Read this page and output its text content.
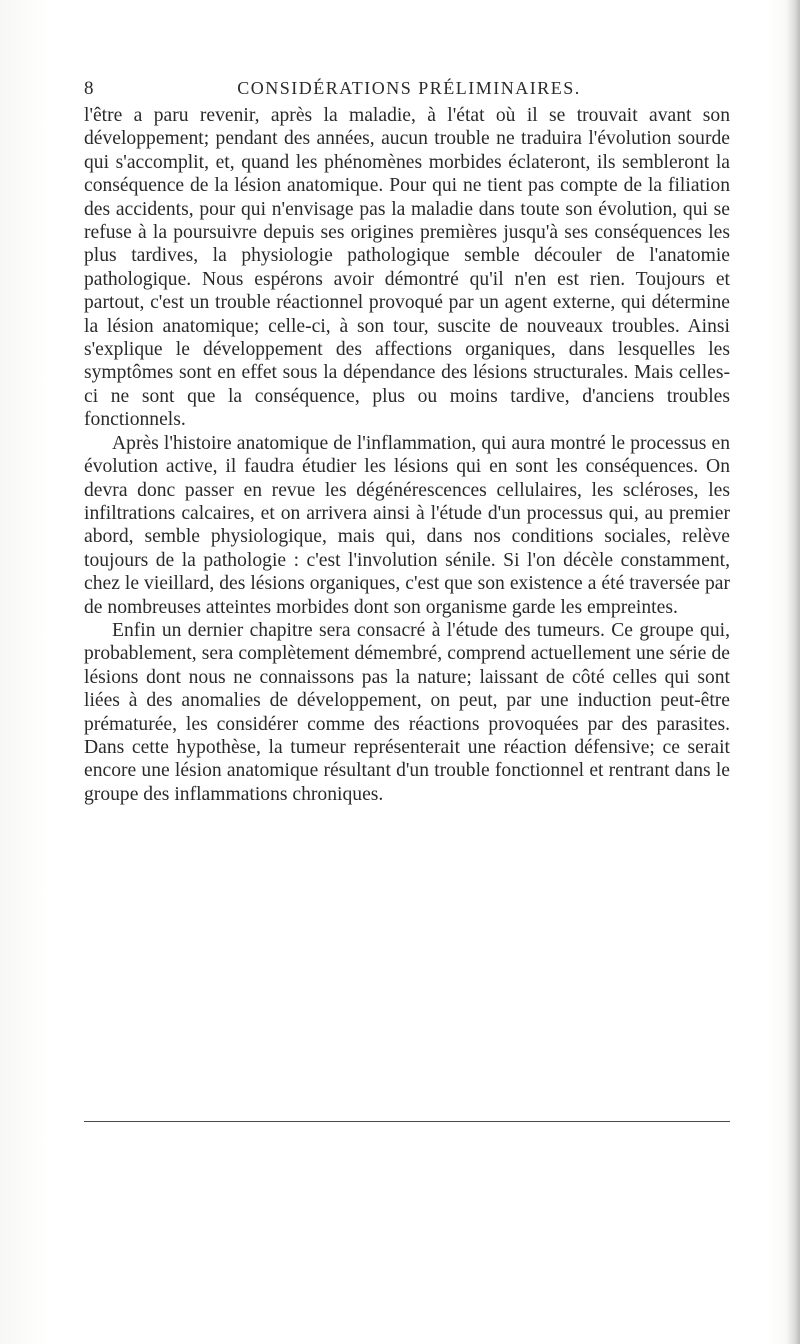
8	CONSIDÉRATIONS PRÉLIMINAIRES.

l'être a paru revenir, après la maladie, à l'état où il se trouvait avant son développement; pendant des années, aucun trouble ne traduira l'évolution sourde qui s'accomplit, et, quand les phénomènes morbides éclateront, ils sembleront la conséquence de la lésion anatomique. Pour qui ne tient pas compte de la filiation des accidents, pour qui n'envisage pas la maladie dans toute son évolution, qui se refuse à la poursuivre depuis ses origines premières jusqu'à ses conséquences les plus tardives, la physiologie pathologique semble découler de l'anatomie pathologique. Nous espérons avoir démontré qu'il n'en est rien. Toujours et partout, c'est un trouble réactionnel provoqué par un agent externe, qui détermine la lésion anatomique; celle-ci, à son tour, suscite de nouveaux troubles. Ainsi s'explique le développement des affections organiques, dans lesquelles les symptômes sont en effet sous la dépendance des lésions structurales. Mais celles-ci ne sont que la conséquence, plus ou moins tardive, d'anciens troubles fonctionnels.

Après l'histoire anatomique de l'inflammation, qui aura montré le processus en évolution active, il faudra étudier les lésions qui en sont les conséquences. On devra donc passer en revue les dégénérescences cellulaires, les scléroses, les infiltrations calcaires, et on arrivera ainsi à l'étude d'un processus qui, au premier abord, semble physiologique, mais qui, dans nos conditions sociales, relève toujours de la pathologie : c'est l'involution sénile. Si l'on décèle constamment, chez le vieillard, des lésions organiques, c'est que son existence a été traversée par de nombreuses atteintes morbides dont son organisme garde les empreintes.

Enfin un dernier chapitre sera consacré à l'étude des tumeurs. Ce groupe qui, probablement, sera complètement démembré, comprend actuellement une série de lésions dont nous ne connaissons pas la nature; laissant de côté celles qui sont liées à des anomalies de développement, on peut, par une induction peut-être prématurée, les considérer comme des réactions provoquées par des parasites. Dans cette hypothèse, la tumeur représenterait une réaction défensive; ce serait encore une lésion anatomique résultant d'un trouble fonctionnel et rentrant dans le groupe des inflammations chroniques.
